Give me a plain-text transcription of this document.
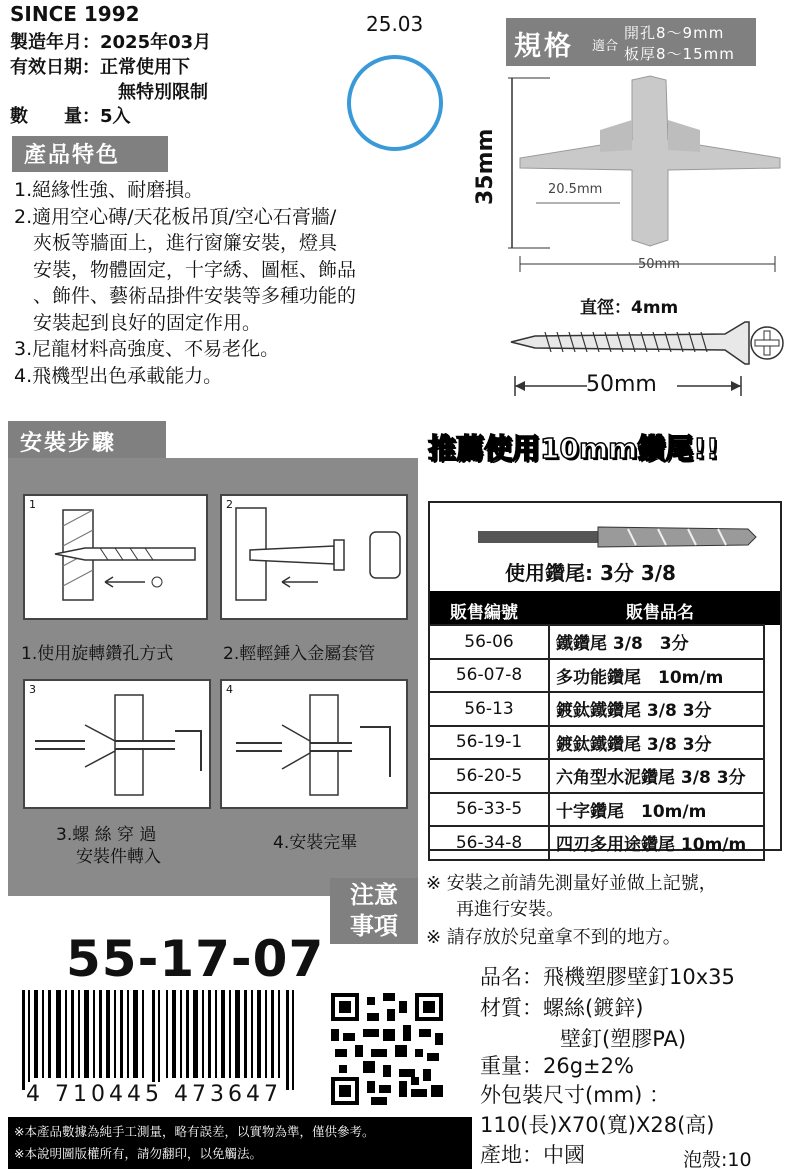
SINCE 1992
製造年月：2025年03月
有效日期：正常使用下
無特別限制
數　　量：5入
25.03
產品特色
1.絕緣性強、耐磨損。
2.適用空心磚/天花板吊頂/空心石膏牆/
　夾板等牆面上，進行窗簾安裝，燈具
　安裝，物體固定，十字綉、圖框、飾品
　、飾件、藝術品掛件安裝等多種功能的
　安裝起到良好的固定作用。
3.尼龍材料高強度、不易老化。
4.飛機型出色承載能力。
規格 適合
開孔8～9mm
板厚8～15mm
35mm	20.5mm
50mm
直徑：4mm
50mm
安裝步驟
1	2
1.使用旋轉鑽孔方式	2.輕輕錘入金屬套管
3	4
3.螺 絲 穿 過
安裝件轉入
4.安裝完畢
推薦使用10mm鑽尾!!
使用鑽尾: 3分 3/8
販售編號	販售品名
56-06	鐵鑽尾 3/8　3分
56-07-8	多功能鑽尾　10m/m
56-13	鍍鈦鐵鑽尾 3/8 3分
56-19-1	鍍鈦鐵鑽尾 3/8 3分
56-20-5	六角型水泥鑽尾 3/8 3分
56-33-5	十字鑽尾　10m/m
56-34-8	四刃多用途鑽尾 10m/m
注意
事項
※ 安裝之前請先測量好並做上記號，
再進行安裝。
※ 請存放於兒童拿不到的地方。
55-17-07
4 710445 473647
品名：飛機塑膠壁釘10x35
材質：螺絲(鍍鋅)
壁釘(塑膠PA)
重量：26g±2%
外包裝尺寸(mm) ：
110(長)X70(寬)X28(高)
產地：中國	泡殼:10
※本產品數據為純手工測量，略有誤差，以實物為準，僅供參考。
※本說明圖版權所有，請勿翻印，以免觸法。
